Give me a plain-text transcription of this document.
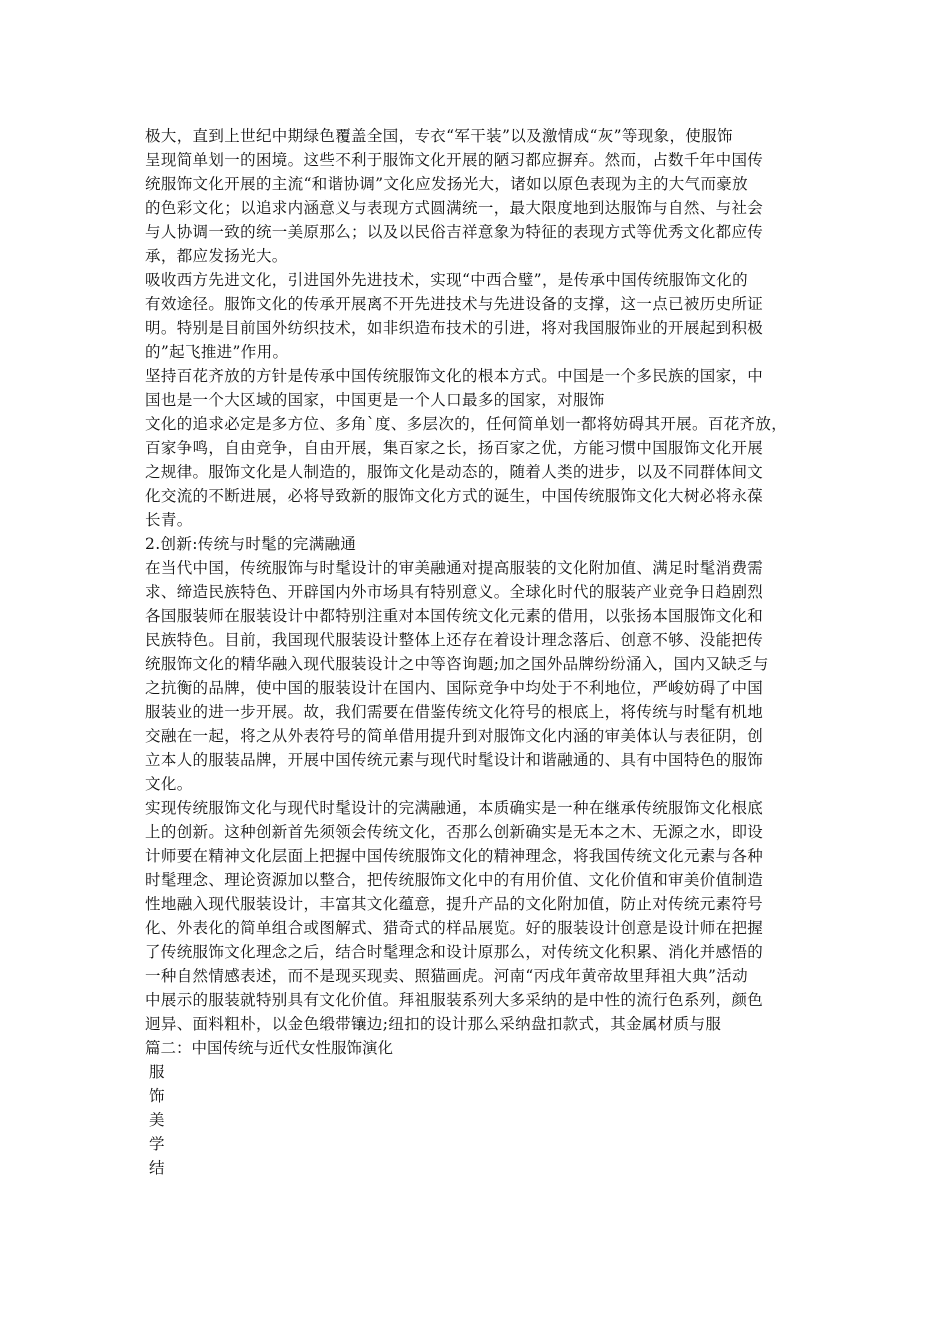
极大，直到上世纪中期绿色覆盖全国，专衣“军干装”以及激情成“灰”等现象，使服饰
呈现简单划一的困境。这些不利于服饰文化开展的陋习都应摒弃。然而，占数千年中国传
统服饰文化开展的主流“和谐协调”文化应发扬光大，诸如以原色表现为主的大气而豪放
的色彩文化；以追求内涵意义与表现方式圆满统一，最大限度地到达服饰与自然、与社会
与人协调一致的统一美原那么；以及以民俗吉祥意象为特征的表现方式等优秀文化都应传
承，都应发扬光大。
吸收西方先进文化，引进国外先进技术，实现“中西合璧”，是传承中国传统服饰文化的
有效途径。服饰文化的传承开展离不开先进技术与先进设备的支撑，这一点已被历史所证
明。特别是目前国外纺织技术，如非织造布技术的引进，将对我国服饰业的开展起到积极
的”起飞推进”作用。
坚持百花齐放的方针是传承中国传统服饰文化的根本方式。中国是一个多民族的国家，中
国也是一个大区域的国家，中国更是一个人口最多的国家，对服饰
文化的追求必定是多方位、多角`度、多层次的，任何简单划一都将妨碍其开展。百花齐放，
百家争鸣，自由竞争，自由开展，集百家之长，扬百家之优，方能习惯中国服饰文化开展
之规律。服饰文化是人制造的，服饰文化是动态的，随着人类的进步，以及不同群体间文
化交流的不断进展，必将导致新的服饰文化方式的诞生，中国传统服饰文化大树必将永葆
长青。
2.创新:传统与时髦的完满融通
在当代中国，传统服饰与时髦设计的审美融通对提高服装的文化附加值、满足时髦消费需
求、缔造民族特色、开辟国内外市场具有特别意义。全球化时代的服装产业竞争日趋剧烈
各国服装师在服装设计中都特别注重对本国传统文化元素的借用，以张扬本国服饰文化和
民族特色。目前，我国现代服装设计整体上还存在着设计理念落后、创意不够、没能把传
统服饰文化的精华融入现代服装设计之中等咨询题;加之国外品牌纷纷涌入，国内又缺乏与
之抗衡的品牌，使中国的服装设计在国内、国际竞争中均处于不利地位，严峻妨碍了中国
服装业的进一步开展。故，我们需要在借鉴传统文化符号的根底上，将传统与时髦有机地
交融在一起，将之从外表符号的简单借用提升到对服饰文化内涵的审美体认与表征阴，创
立本人的服装品牌，开展中国传统元素与现代时髦设计和谐融通的、具有中国特色的服饰
文化。
实现传统服饰文化与现代时髦设计的完满融通，本质确实是一种在继承传统服饰文化根底
上的创新。这种创新首先须领会传统文化，否那么创新确实是无本之木、无源之水，即设
计师要在精神文化层面上把握中国传统服饰文化的精神理念，将我国传统文化元素与各种
时髦理念、理论资源加以整合，把传统服饰文化中的有用价值、文化价值和审美价值制造
性地融入现代服装设计，丰富其文化蕴意，提升产品的文化附加值，防止对传统元素符号
化、外表化的简单组合或图解式、猎奇式的样品展览。好的服装设计创意是设计师在把握
了传统服饰文化理念之后，结合时髦理念和设计原那么，对传统文化积累、消化并感悟的
一种自然情感表述，而不是现买现卖、照猫画虎。河南“丙戌年黄帝故里拜祖大典”活动
中展示的服装就特别具有文化价值。拜祖服装系列大多采纳的是中性的流行色系列，颜色
迥异、面料粗朴，以金色缎带镶边;纽扣的设计那么采纳盘扣款式，其金属材质与服
篇二：中国传统与近代女性服饰演化
服
饰
美
学
结
